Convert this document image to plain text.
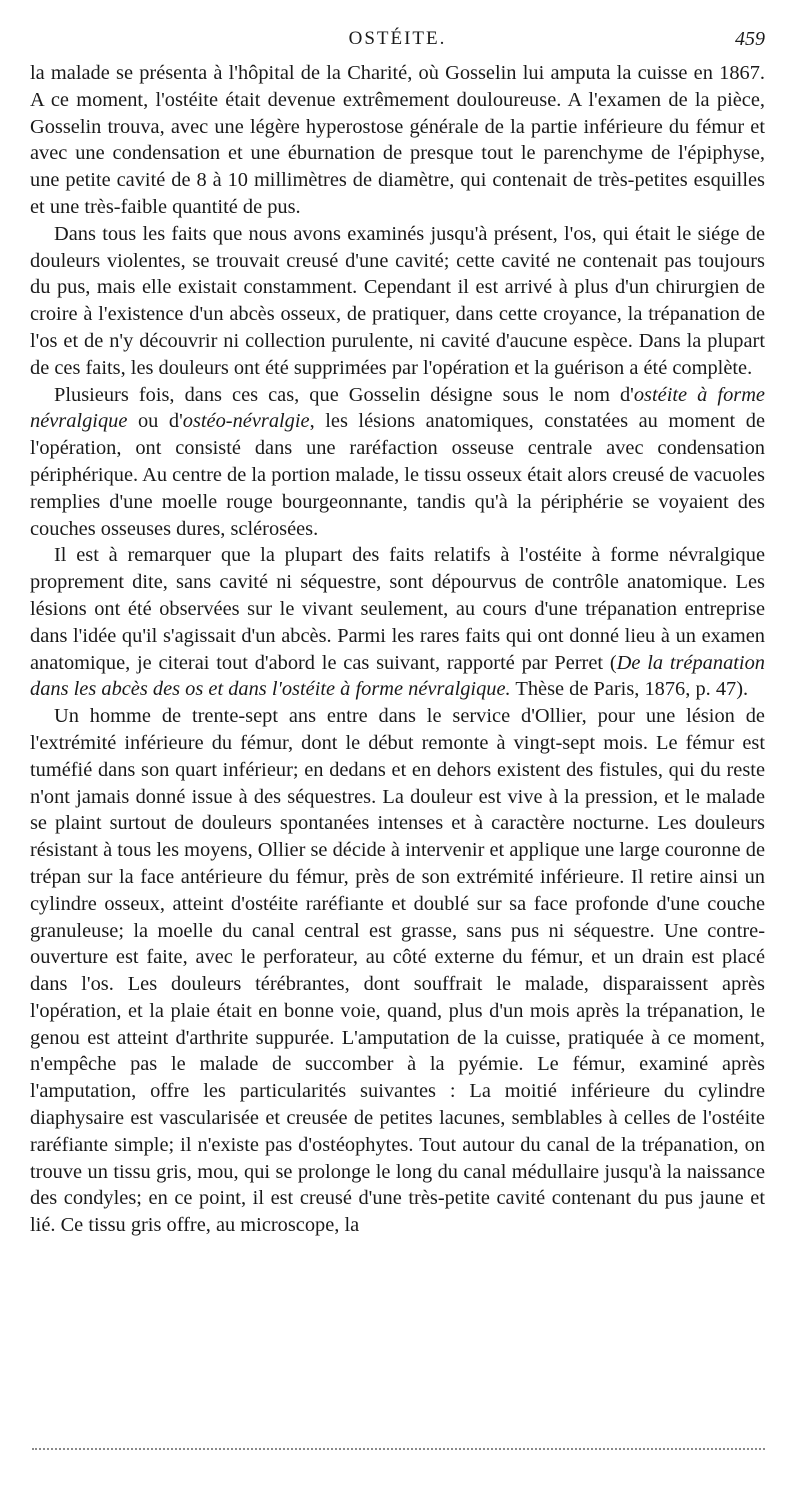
OSTÉITE.	459

la malade se présenta à l'hôpital de la Charité, où Gosselin lui amputa la cuisse en 1867. A ce moment, l'ostéite était devenue extrêmement douloureuse. A l'examen de la pièce, Gosselin trouva, avec une légère hyperostose générale de la partie inférieure du fémur et avec une condensation et une éburnation de presque tout le parenchyme de l'épiphyse, une petite cavité de 8 à 10 millimètres de diamètre, qui contenait de très-petites esquilles et une très-faible quantité de pus.

Dans tous les faits que nous avons examinés jusqu'à présent, l'os, qui était le siége de douleurs violentes, se trouvait creusé d'une cavité; cette cavité ne contenait pas toujours du pus, mais elle existait constamment. Cependant il est arrivé à plus d'un chirurgien de croire à l'existence d'un abcès osseux, de pratiquer, dans cette croyance, la trépanation de l'os et de n'y découvrir ni collection purulente, ni cavité d'aucune espèce. Dans la plupart de ces faits, les douleurs ont été supprimées par l'opération et la guérison a été complète.

Plusieurs fois, dans ces cas, que Gosselin désigne sous le nom d'ostéite à forme névralgique ou d'ostéo-névralgie, les lésions anatomiques, constatées au moment de l'opération, ont consisté dans une raréfaction osseuse centrale avec condensation périphérique. Au centre de la portion malade, le tissu osseux était alors creusé de vacuoles remplies d'une moelle rouge bourgeonnante, tandis qu'à la périphérie se voyaient des couches osseuses dures, sclérosées.

Il est à remarquer que la plupart des faits relatifs à l'ostéite à forme névralgique proprement dite, sans cavité ni séquestre, sont dépourvus de contrôle anatomique. Les lésions ont été observées sur le vivant seulement, au cours d'une trépanation entreprise dans l'idée qu'il s'agissait d'un abcès. Parmi les rares faits qui ont donné lieu à un examen anatomique, je citerai tout d'abord le cas suivant, rapporté par Perret (De la trépanation dans les abcès des os et dans l'ostéite à forme névralgique. Thèse de Paris, 1876, p. 47).

Un homme de trente-sept ans entre dans le service d'Ollier, pour une lésion de l'extrémité inférieure du fémur, dont le début remonte à vingt-sept mois. Le fémur est tuméfié dans son quart inférieur; en dedans et en dehors existent des fistules, qui du reste n'ont jamais donné issue à des séquestres. La douleur est vive à la pression, et le malade se plaint surtout de douleurs spontanées intenses et à caractère nocturne. Les douleurs résistant à tous les moyens, Ollier se décide à intervenir et applique une large couronne de trépan sur la face antérieure du fémur, près de son extrémité inférieure. Il retire ainsi un cylindre osseux, atteint d'ostéite raréfiante et doublé sur sa face profonde d'une couche granuleuse; la moelle du canal central est grasse, sans pus ni séquestre. Une contre-ouverture est faite, avec le perforateur, au côté externe du fémur, et un drain est placé dans l'os. Les douleurs térébrantes, dont souffrait le malade, disparaissent après l'opération, et la plaie était en bonne voie, quand, plus d'un mois après la trépanation, le genou est atteint d'arthrite suppurée. L'amputation de la cuisse, pratiquée à ce moment, n'empêche pas le malade de succomber à la pyémie. Le fémur, examiné après l'amputation, offre les particularités suivantes : La moitié inférieure du cylindre diaphysaire est vascularisée et creusée de petites lacunes, semblables à celles de l'ostéite raréfiante simple; il n'existe pas d'ostéophytes. Tout autour du canal de la trépanation, on trouve un tissu gris, mou, qui se prolonge le long du canal médullaire jusqu'à la naissance des condyles; en ce point, il est creusé d'une très-petite cavité contenant du pus jaune et lié. Ce tissu gris offre, au microscope, la
